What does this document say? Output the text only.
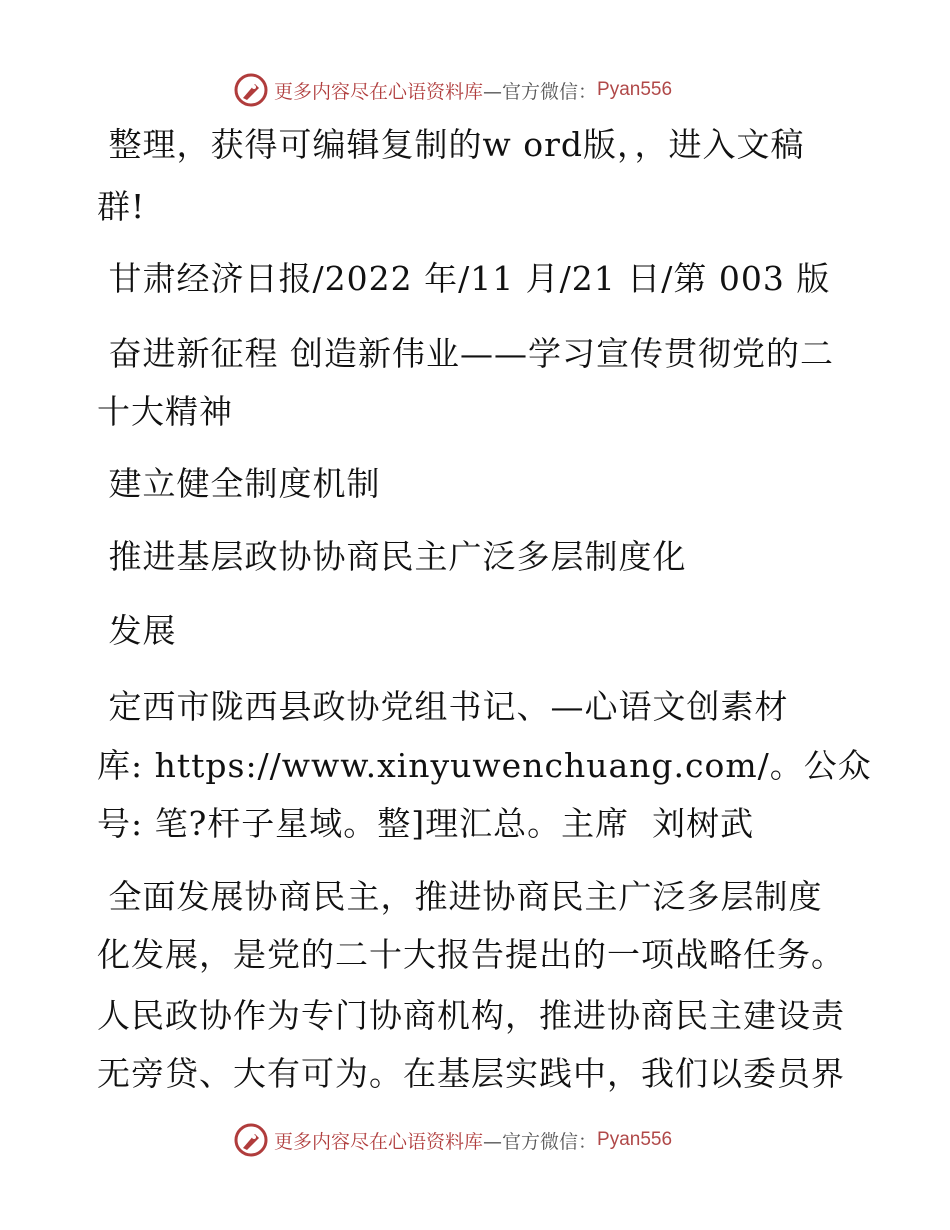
更多内容尽在心语资料库 —官方微信： Pyan556
整理，获得可编辑复制的w ord版，，进入文稿
群!
甘肃经济日报/2022 年/11 月/21 日/第 003 版
奋进新征程 创造新伟业——学习宣传贯彻党的二
十大精神
建立健全制度机制
推进基层政协协商民主广泛多层制度化
发展
定西市陇西县政协党组书记、—心语文创素材
库: https://www.xinyuwenchuang.com/。公众
号: 笔?杆子星域。整]理汇总。主席  刘树武
全面发展协商民主，推进协商民主广泛多层制度
化发展，是党的二十大报告提出的一项战略任务。
人民政协作为专门协商机构，推进协商民主建设责
无旁贷、大有可为。在基层实践中，我们以委员界
更多内容尽在心语资料库 —官方微信： Pyan556
